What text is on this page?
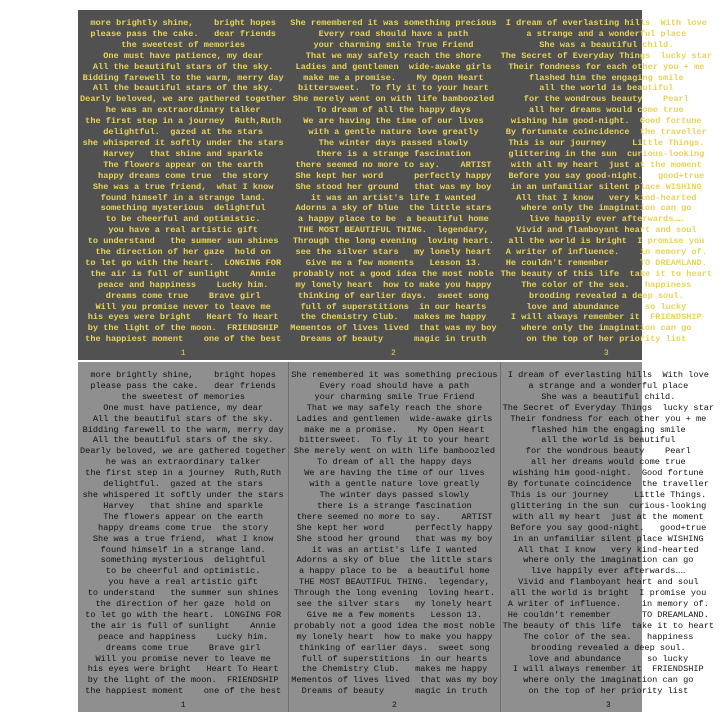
more brightly shine,    bright hopes
please pass the cake.   dear friends
the sweetest of memories
One must have patience, my dear
All the beautiful stars of the sky.
Bidding farewell to the warm, merry day
All the beautiful stars of the sky.
Dearly beloved, we are gathered together
he was an extraordinary talker
the first step in a journey  Ruth,Ruth
delightful.  gazed at the stars
she whispered it softly under the stars
Harvey   that shine and sparkle
The flowers appear on the earth
happy dreams come true  the story
She was a true friend,  what I know
found himself in a strange land.
something mysterious  delightful
to be cheerful and optimistic.
you have a real artistic gift
to understand   the summer sun shines
the direction of her gaze  hold on
to let go with the heart.  LONGING FOR
the air is full of sunlight    Annie
peace and happiness    Lucky him.
dreams come true    Brave girl
Will you promise never to leave me
his eyes were bright   Heart To Heart
by the light of the moon.  FRIENDSHIP
the happiest moment    one of the best
1
She remembered it was something precious
Every road should have a path
your charming smile True Friend
That we may safely reach the shore
Ladies and gentlemen  wide-awake girls
make me a promise.    My Open Heart
bittersweet.  To fly it to your heart
She merely went on with life bamboozled
To dream of all the happy days
We are having the time of our lives
with a gentle nature love greatly
The winter days passed slowly
there is a strange fascination
there seemed no more to say.    ARTIST
She kept her word      perfectly happy
She stood her ground   that was my boy
it was an artist's life I wanted
Adorns a sky of blue  the little stars
a happy place to be  a beautiful home
THE MOST BEAUTIFUL THING.  legendary,
Through the long evening  loving heart.
see the silver stars   my lonely heart
Give me a few moments   Lesson 13.
probably not a good idea the most noble
my lonely heart  how to make you happy
thinking of earlier days.  sweet song
full of superstitions  in our hearts
the Chemistry Club.   makes me happy
Mementos of lives lived  that was my boy
Dreams of beauty      magic in truth
2
I dream of everlasting hills  With love
a strange and a wonderful place
She was a beautiful child.
The Secret of Everyday Things  lucky star
Their fondness for each other you + me
flashed him the engaging smile
all the world is beautiful
for the wondrous beauty    Pearl
all her dreams would come true
wishing him good-night.  Good fortune
By fortunate coincidence  the traveller
This is our journey     Little Things.
glittering in the sun  curious-looking
with all my heart  just at the moment
Before you say good-night.   good+true
in an unfamiliar silent place WISHING
All that I know   very kind-hearted
where only the imagination can go
live happily ever afterwards……
Vivid and flamboyant heart and soul
all the world is bright  I promise you
A writer of influence.    in memory of.
He couldn't remember      TO DREAMLAND.
The beauty of this life  take it to heart
The color of the sea.   happiness
brooding revealed a deep soul.
love and abundance     so lucky
I will always remember it  FRIENDSHIP
where only the imagination can go
on the top of her priority list
3
more brightly shine,    bright hopes
please pass the cake.   dear friends
the sweetest of memories
One must have patience, my dear
All the beautiful stars of the sky.
Bidding farewell to the warm, merry day
All the beautiful stars of the sky.
Dearly beloved, we are gathered together
he was an extraordinary talker
the first step in a journey  Ruth,Ruth
delightful.  gazed at the stars
she whispered it softly under the stars
Harvey   that shine and sparkle
The flowers appear on the earth
happy dreams come true  the story
She was a true friend,  what I know
found himself in a strange land.
something mysterious  delightful
to be cheerful and optimistic.
you have a real artistic gift
to understand   the summer sun shines
the direction of her gaze  hold on
to let go with the heart.  LONGING FOR
the air is full of sunlight    Annie
peace and happiness    Lucky him.
dreams come true    Brave girl
Will you promise never to leave me
his eyes were bright   Heart To Heart
by the light of the moon.  FRIENDSHIP
the happiest moment    one of the best
1
She remembered it was something precious
Every road should have a path
your charming smile True Friend
That we may safely reach the shore
Ladies and gentlemen  wide-awake girls
make me a promise.    My Open Heart
bittersweet.  To fly it to your heart
She merely went on with life bamboozled
To dream of all the happy days
We are having the time of our lives
with a gentle nature love greatly
The winter days passed slowly
there is a strange fascination
there seemed no more to say.    ARTIST
She kept her word      perfectly happy
She stood her ground   that was my boy
it was an artist's life I wanted
Adorns a sky of blue  the little stars
a happy place to be  a beautiful home
THE MOST BEAUTIFUL THING.  legendary,
Through the long evening  loving heart.
see the silver stars   my lonely heart
Give me a few moments   Lesson 13.
probably not a good idea the most noble
my lonely heart  how to make you happy
thinking of earlier days.  sweet song
full of superstitions  in our hearts
the Chemistry Club.   makes me happy
Mementos of lives lived  that was my boy
Dreams of beauty      magic in truth
2
I dream of everlasting hills  With love
a strange and a wonderful place
She was a beautiful child.
The Secret of Everyday Things  lucky star
Their fondness for each other you + me
flashed him the engaging smile
all the world is beautiful
for the wondrous beauty    Pearl
all her dreams would come true
wishing him good-night.  Good fortune
By fortunate coincidence  the traveller
This is our journey     Little Things.
glittering in the sun  curious-looking
with all my heart  just at the moment
Before you say good-night.   good+true
in an unfamiliar silent place WISHING
All that I know   very kind-hearted
where only the imagination can go
live happily ever afterwards……
Vivid and flamboyant heart and soul
all the world is bright  I promise you
A writer of influence.    in memory of.
He couldn't remember      TO DREAMLAND.
The beauty of this life  take it to heart
The color of the sea.   happiness
brooding revealed a deep soul.
love and abundance     so lucky
I will always remember it  FRIENDSHIP
where only the imagination can go
on the top of her priority list
3
